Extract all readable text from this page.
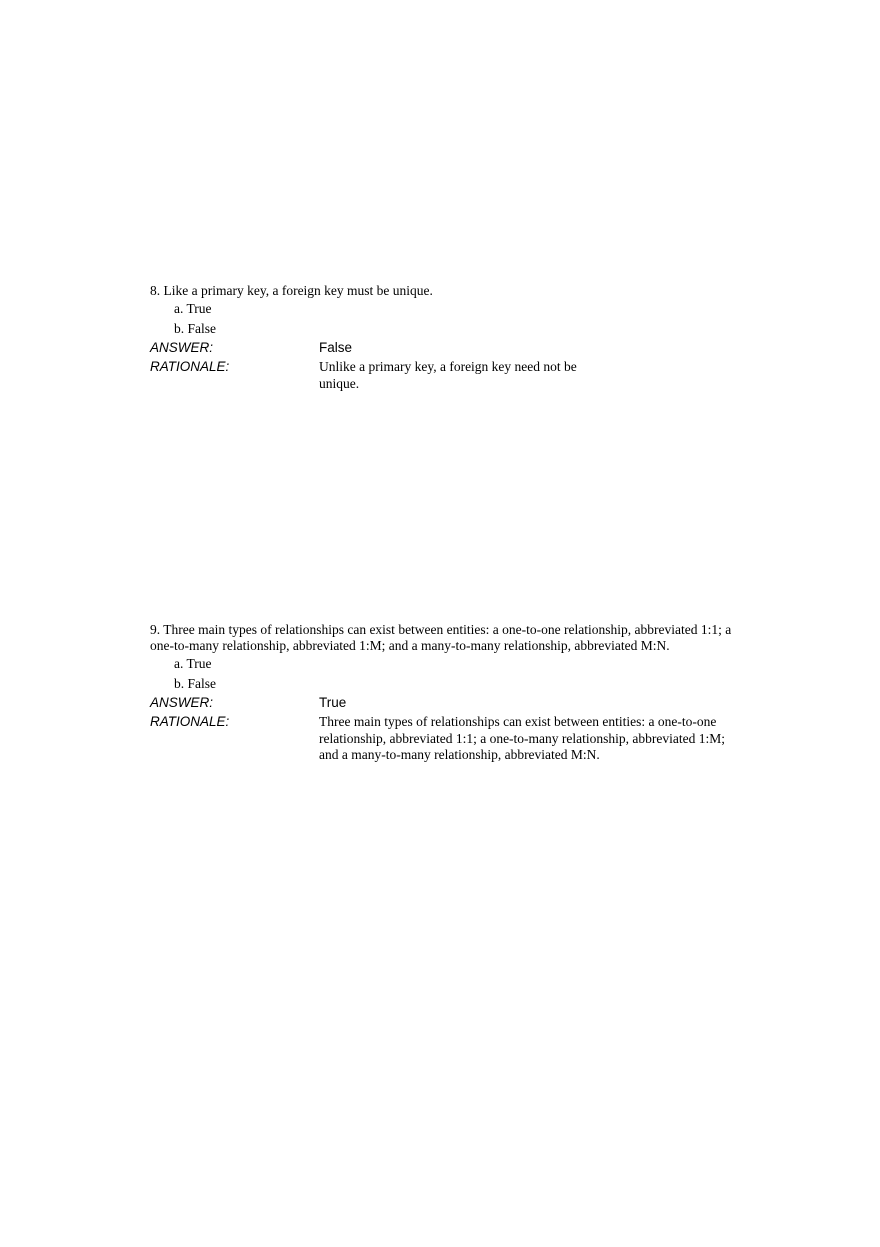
8. Like a primary key, a foreign key must be unique.

a. True
b. False
ANSWER:	False
RATIONALE:	Unlike a primary key, a foreign key need not be unique.

9. Three main types of relationships can exist between entities: a one-to-one relationship, abbreviated 1:1; a one-to-many relationship, abbreviated 1:M; and a many-to-many relationship, abbreviated M:N.

a. True
b. False
ANSWER:	True
RATIONALE:	Three main types of relationships can exist between entities: a one-to-one relationship, abbreviated 1:1; a one-to-many relationship, abbreviated 1:M; and a many-to-many relationship, abbreviated M:N.
